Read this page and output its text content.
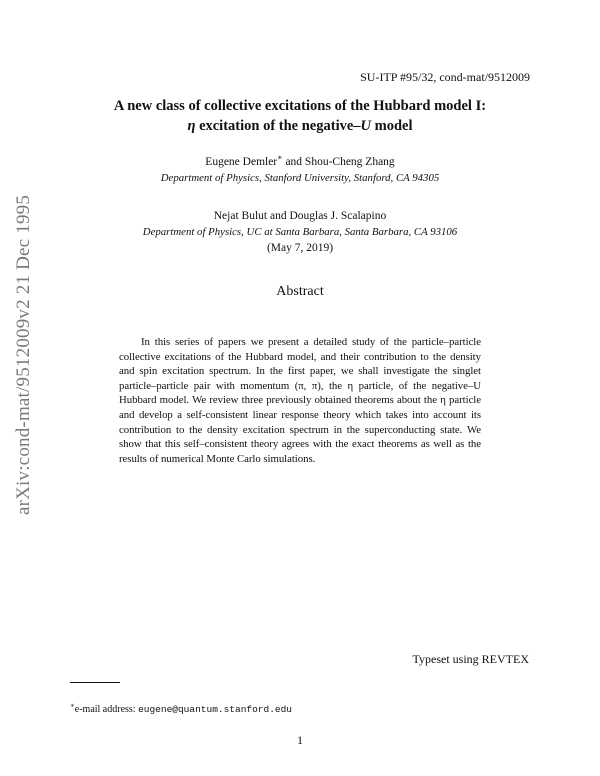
arXiv:cond-mat/9512009v2 21 Dec 1995
SU-ITP #95/32, cond-mat/9512009
A new class of collective excitations of the Hubbard model I:
η excitation of the negative–U model
Eugene Demler∗ and Shou-Cheng Zhang
Department of Physics, Stanford University, Stanford, CA 94305
Nejat Bulut and Douglas J. Scalapino
Department of Physics, UC at Santa Barbara, Santa Barbara, CA 93106
(May 7, 2019)
Abstract
In this series of papers we present a detailed study of the particle–particle collective excitations of the Hubbard model, and their contribution to the density and spin excitation spectrum. In the first paper, we shall investigate the singlet particle–particle pair with momentum (π, π), the η particle, of the negative–U Hubbard model. We review three previously obtained theorems about the η particle and develop a self-consistent linear response theory which takes into account its contribution to the density excitation spectrum in the superconducting state. We show that this self–consistent theory agrees with the exact theorems as well as the results of numerical Monte Carlo simulations.
Typeset using REVTEX
∗e-mail address: eugene@quantum.stanford.edu
1
